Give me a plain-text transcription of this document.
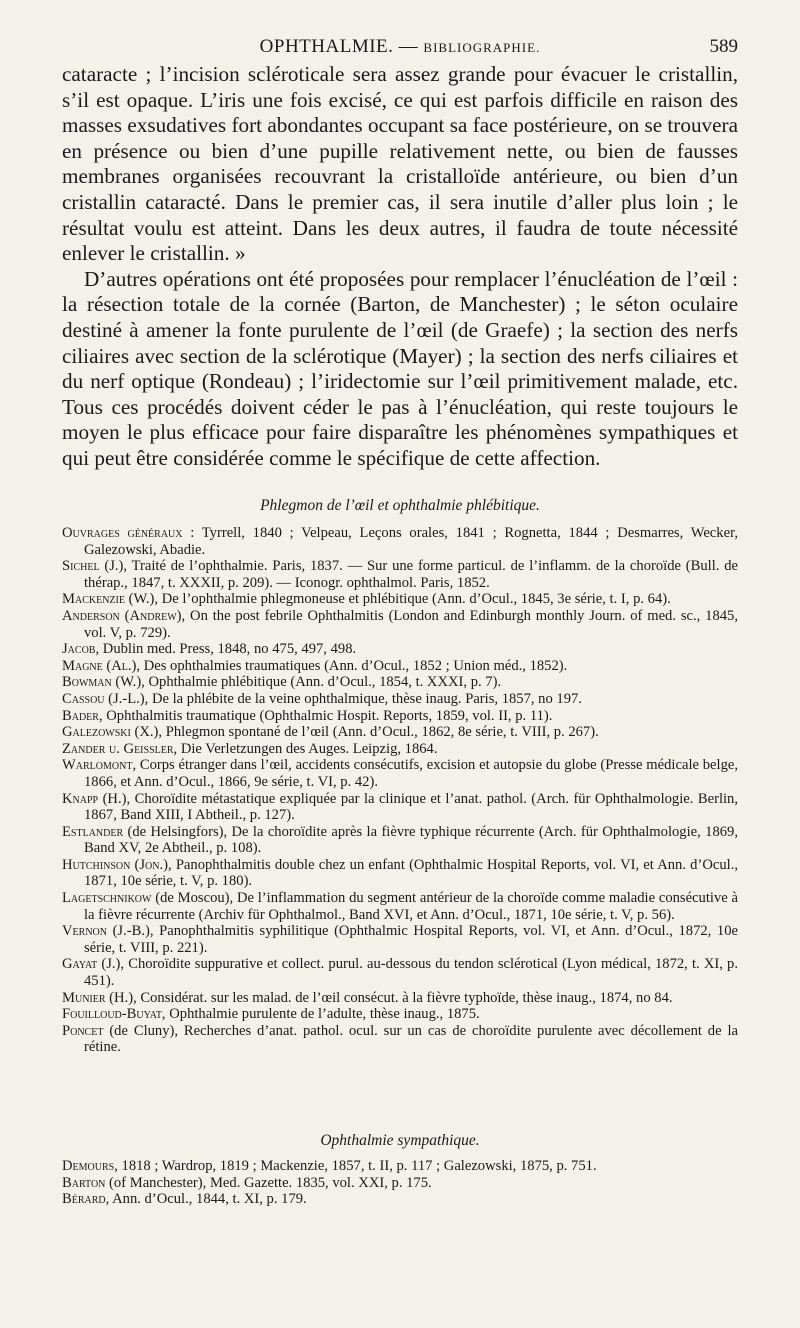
OPHTHALMIE. — BIBLIOGRAPHIE.	589

cataracte ; l’incision scléroticale sera assez grande pour évacuer le cristallin, s’il est opaque. L’iris une fois excisé, ce qui est parfois difficile en raison des masses exsudatives fort abondantes occupant sa face postérieure, on se trouvera en présence ou bien d’une pupille relativement nette, ou bien de fausses membranes organisées recouvrant la cristalloïde antérieure, ou bien d’un cristallin cataracté. Dans le premier cas, il sera inutile d’aller plus loin ; le résultat voulu est atteint. Dans les deux autres, il faudra de toute nécessité enlever le cristallin. »

D’autres opérations ont été proposées pour remplacer l’énucléation de l’œil : la résection totale de la cornée (Barton, de Manchester) ; le séton oculaire destiné à amener la fonte purulente de l’œil (de Graefe) ; la section des nerfs ciliaires avec section de la sclérotique (Mayer) ; la section des nerfs ciliaires et du nerf optique (Rondeau) ; l’iridectomie sur l’œil primitivement malade, etc. Tous ces procédés doivent céder le pas à l’énucléation, qui reste toujours le moyen le plus efficace pour faire disparaître les phénomènes sympathiques et qui peut être considérée comme le spécifique de cette affection.

Phlegmon de l’œil et ophthalmie phlébitique.

Ouvrages généraux : Tyrrell, 1840 ; Velpeau, Leçons orales, 1841 ; Rognetta, 1844 ; Desmarres, Wecker, Galezowski, Abadie.

Sichel (J.), Traité de l’ophthalmie. Paris, 1837. — Sur une forme particul. de l’inflamm. de la choroïde (Bull. de thérap., 1847, t. XXXII, p. 209). — Iconogr. ophthalmol. Paris, 1852.

Mackenzie (W.), De l’ophthalmie phlegmoneuse et phlébitique (Ann. d’Ocul., 1845, 3e série, t. I, p. 64).

Anderson (Andrew), On the post febrile Ophthalmitis (London and Edinburgh monthly Journ. of med. sc., 1845, vol. V, p. 729).

Jacob, Dublin med. Press, 1848, no 475, 497, 498.

Magne (Al.), Des ophthalmies traumatiques (Ann. d’Ocul., 1852 ; Union méd., 1852).

Bowman (W.), Ophthalmie phlébitique (Ann. d’Ocul., 1854, t. XXXI, p. 7).

Cassou (J.-L.), De la phlébite de la veine ophthalmique, thèse inaug. Paris, 1857, no 197.

Bader, Ophthalmitis traumatique (Ophthalmic Hospit. Reports, 1859, vol. II, p. 11).

Galezowski (X.), Phlegmon spontané de l’œil (Ann. d’Ocul., 1862, 8e série, t. VIII, p. 267).

Zander u. Geissler, Die Verletzungen des Auges. Leipzig, 1864.

Warlomont, Corps étranger dans l’œil, accidents consécutifs, excision et autopsie du globe (Presse médicale belge, 1866, et Ann. d’Ocul., 1866, 9e série, t. VI, p. 42).

Knapp (H.), Choroïdite métastatique expliquée par la clinique et l’anat. pathol. (Arch. für Ophthalmologie. Berlin, 1867, Band XIII, I Abtheil., p. 127).

Estlander (de Helsingfors), De la choroïdite après la fièvre typhique récurrente (Arch. für Ophthalmologie, 1869, Band XV, 2e Abtheil., p. 108).

Hutchinson (Jon.), Panophthalmitis double chez un enfant (Ophthalmic Hospital Reports, vol. VI, et Ann. d’Ocul., 1871, 10e série, t. V, p. 180).

Lagetschnikow (de Moscou), De l’inflammation du segment antérieur de la choroïde comme maladie consécutive à la fièvre récurrente (Archiv für Ophthalmol., Band XVI, et Ann. d’Ocul., 1871, 10e série, t. V, p. 56).

Vernon (J.-B.), Panophthalmitis syphilitique (Ophthalmic Hospital Reports, vol. VI, et Ann. d’Ocul., 1872, 10e série, t. VIII, p. 221).

Gayat (J.), Choroïdite suppurative et collect. purul. au-dessous du tendon sclérotical (Lyon médical, 1872, t. XI, p. 451).

Munier (H.), Considérat. sur les malad. de l’œil consécut. à la fièvre typhoïde, thèse inaug., 1874, no 84.

Fouilloud-Buyat, Ophthalmie purulente de l’adulte, thèse inaug., 1875.

Poncet (de Cluny), Recherches d’anat. pathol. ocul. sur un cas de choroïdite purulente avec décollement de la rétine.

Ophthalmie sympathique.

Demours, 1818 ; Wardrop, 1819 ; Mackenzie, 1857, t. II, p. 117 ; Galezowski, 1875, p. 751.

Barton (of Manchester), Med. Gazette. 1835, vol. XXI, p. 175.

Bérard, Ann. d’Ocul., 1844, t. XI, p. 179.
